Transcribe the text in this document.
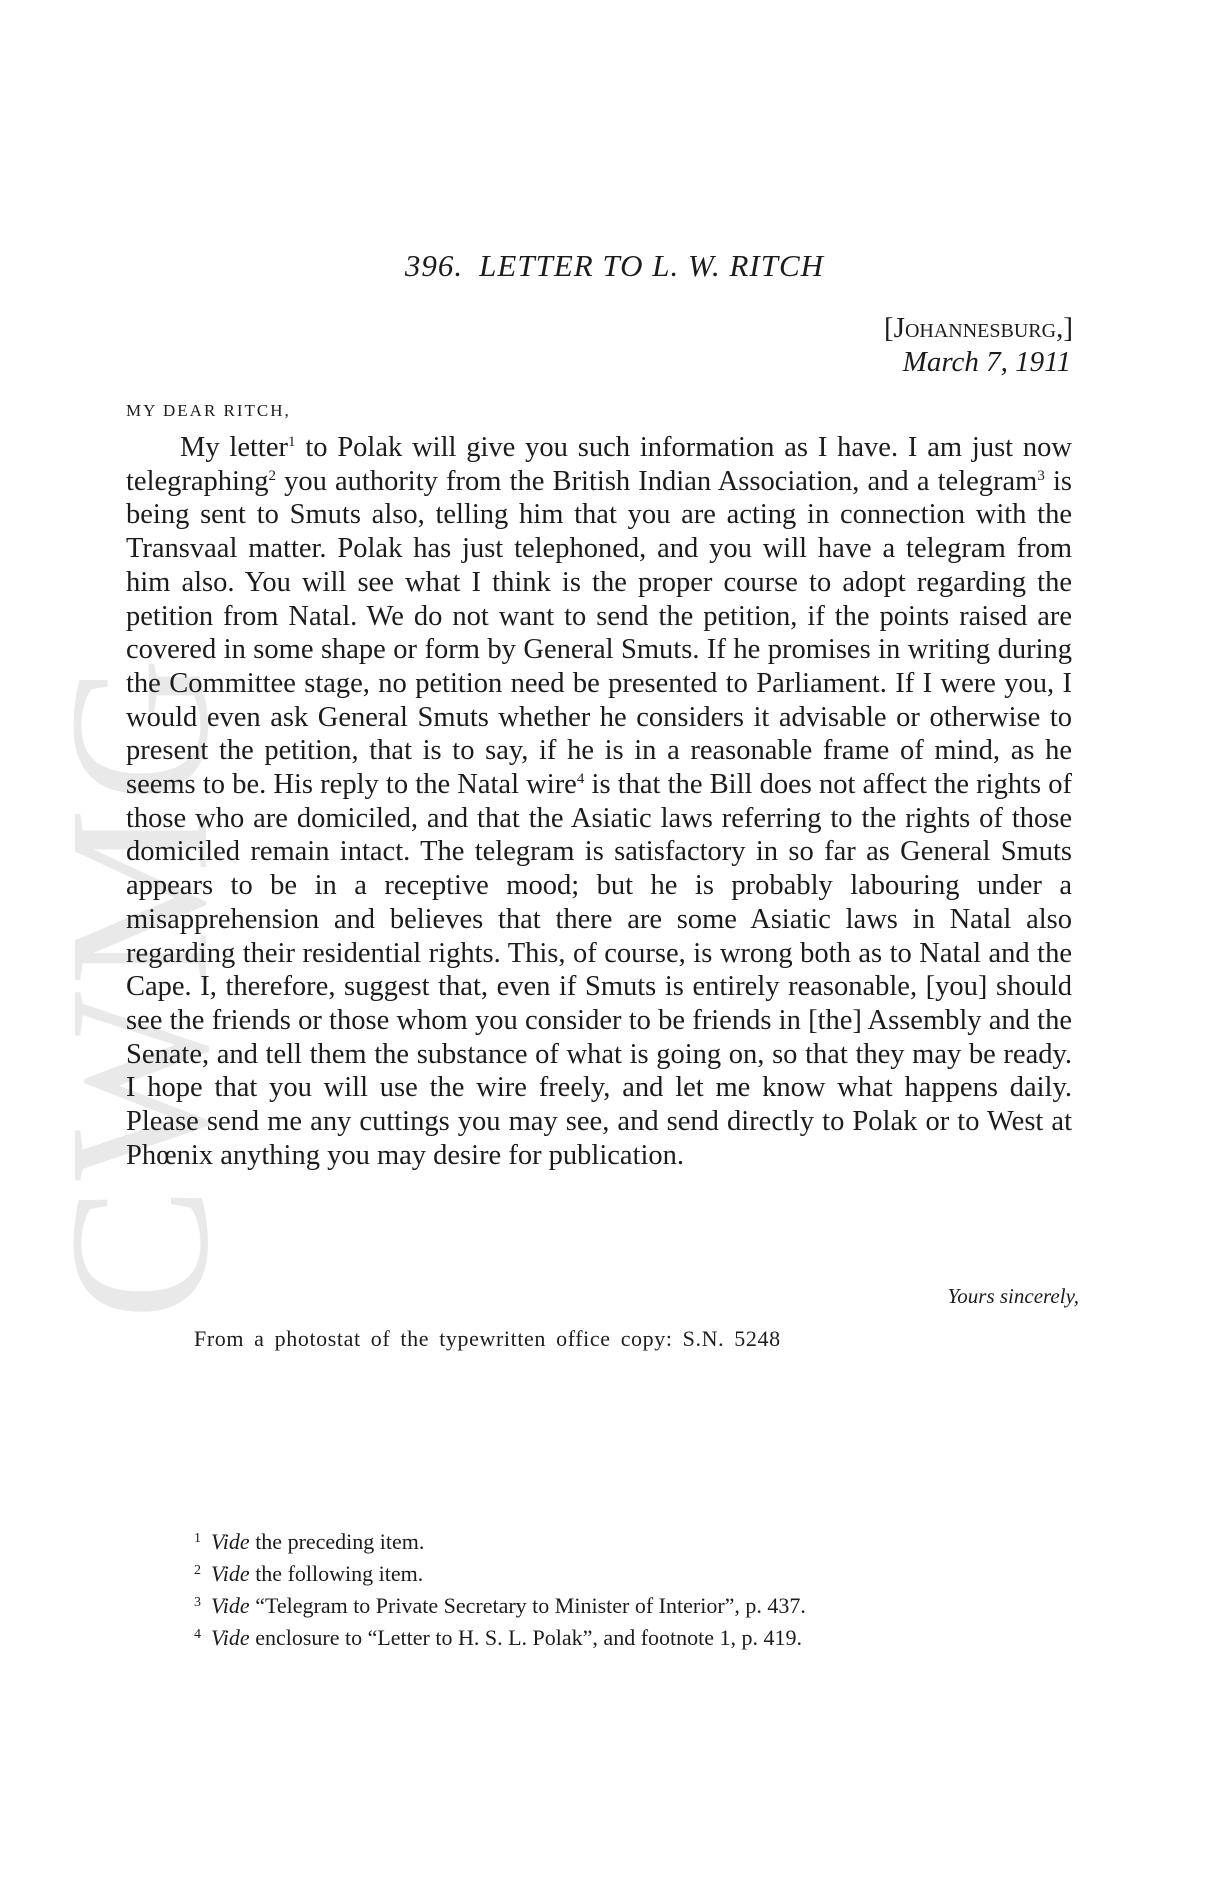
CWMG
396. LETTER TO L. W. RITCH
[Johannesburg,]
March 7, 1911
MY DEAR RITCH,

My letter$^1$ to Polak will give you such information as I have. I am just now telegraphing$^2$ you authority from the British Indian Association, and a telegram$^3$ is being sent to Smuts also, telling him that you are acting in connection with the Transvaal matter. Polak has just telephoned, and you will have a telegram from him also. You will see what I think is the proper course to adopt regarding the petition from Natal. We do not want to send the petition, if the points raised are covered in some shape or form by General Smuts. If he promises in writing during the Committee stage, no petition need be presented to Parliament. If I were you, I would even ask General Smuts whether he considers it advisable or otherwise to present the petition, that is to say, if he is in a reasonable frame of mind, as he seems to be. His reply to the Natal wire$^4$ is that the Bill does not affect the rights of those who are domiciled, and that the Asiatic laws referring to the rights of those domiciled remain intact. The telegram is satisfactory in so far as General Smuts appears to be in a receptive mood; but he is probably labouring under a misapprehension and believes that there are some Asiatic laws in Natal also regarding their residential rights. This, of course, is wrong both as to Natal and the Cape. I, therefore, suggest that, even if Smuts is entirely reasonable, [you] should see the friends or those whom you consider to be friends in [the] Assembly and the Senate, and tell them the substance of what is going on, so that they may be ready. I hope that you will use the wire freely, and let me know what happens daily. Please send me any cuttings you may see, and send directly to Polak or to West at Phœnix anything you may desire for publication.

Yours sincerely,
From a photostat of the typewritten office copy: S.N. 5248
$^1$ Vide the preceding item.
$^2$ Vide the following item.
$^3$ Vide “Telegram to Private Secretary to Minister of Interior”, p. 437.
$^4$ Vide enclosure to “Letter to H. S. L. Polak”, and footnote 1, p. 419.
